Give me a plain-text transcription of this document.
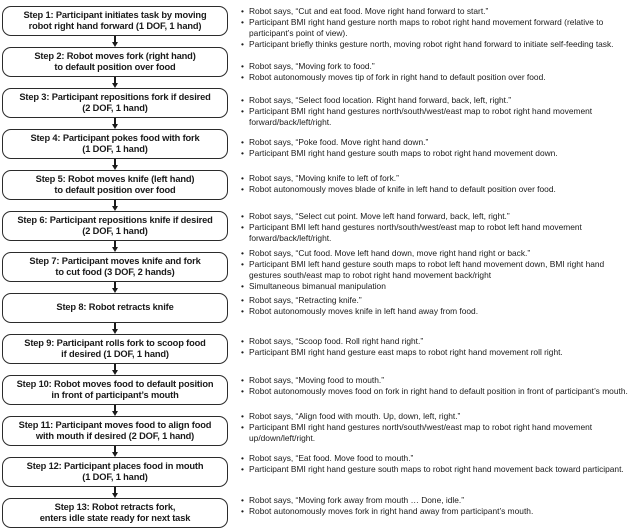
Step 1: Participant initiates task by moving
robot right hand forward (1 DOF, 1 hand)
Step 2: Robot moves fork (right hand)
to default position over food
Step 3: Participant repositions fork if desired
(2 DOF, 1 hand)
Step 4: Participant pokes food with fork
(1 DOF, 1 hand)
Step 5: Robot moves knife (left hand)
to default position over food
Step 6: Participant repositions knife if desired
(2 DOF, 1 hand)
Step 7: Participant moves knife and fork
to cut food (3 DOF, 2 hands)
Step 8: Robot retracts knife
Step 9: Participant rolls fork to scoop food
if desired (1 DOF, 1 hand)
Step 10: Robot moves food to default position
in front of participant’s mouth
Step 11: Participant moves food to align food
with mouth if desired (2 DOF, 1 hand)
Step 12: Participant places food in mouth
(1 DOF, 1 hand)
Step 13: Robot retracts fork,
enters idle state ready for next task
• Robot says, “Cut and eat food. Move right hand forward to start.”
• Participant BMI right hand gesture north maps to robot right hand movement forward (relative to participant’s point of view).
• Participant briefly thinks gesture north, moving robot right hand forward to initiate self-feeding task.
• Robot says, “Moving fork to food.”
• Robot autonomously moves tip of fork in right hand to default position over food.
• Robot says, “Select food location. Right hand forward, back, left, right.”
• Participant BMI right hand gestures north/south/west/east map to robot right hand movement forward/back/left/right.
• Robot says, “Poke food. Move right hand down.”
• Participant BMI right hand gesture south maps to robot right hand movement down.
• Robot says, “Moving knife to left of fork.”
• Robot autonomously moves blade of knife in left hand to default position over food.
• Robot says, “Select cut point. Move left hand forward, back, left, right.”
• Participant BMI left hand gestures north/south/west/east map to robot left hand movement forward/back/left/right.
• Robot says, “Cut food. Move left hand down, move right hand right or back.”
• Participant BMI left hand gesture south maps to robot left hand movement down, BMI right hand gestures south/east map to robot right hand movement back/right
• Simultaneous bimanual manipulation
• Robot says, “Retracting knife.”
• Robot autonomously moves knife in left hand away from food.
• Robot says, “Scoop food. Roll right hand right.”
• Participant BMI right hand gesture east maps to robot right hand movement roll right.
• Robot says, “Moving food to mouth.”
• Robot autonomously moves food on fork in right hand to default position in front of participant’s mouth.
• Robot says, “Align food with mouth. Up, down, left, right.”
• Participant BMI right hand gestures north/south/west/east map to robot right hand movement up/down/left/right.
• Robot says, “Eat food. Move food to mouth.”
• Participant BMI right hand gesture south maps to robot right hand movement back toward participant.
• Robot says, “Moving fork away from mouth … Done, idle.”
• Robot autonomously moves fork in right hand away from participant’s mouth.
